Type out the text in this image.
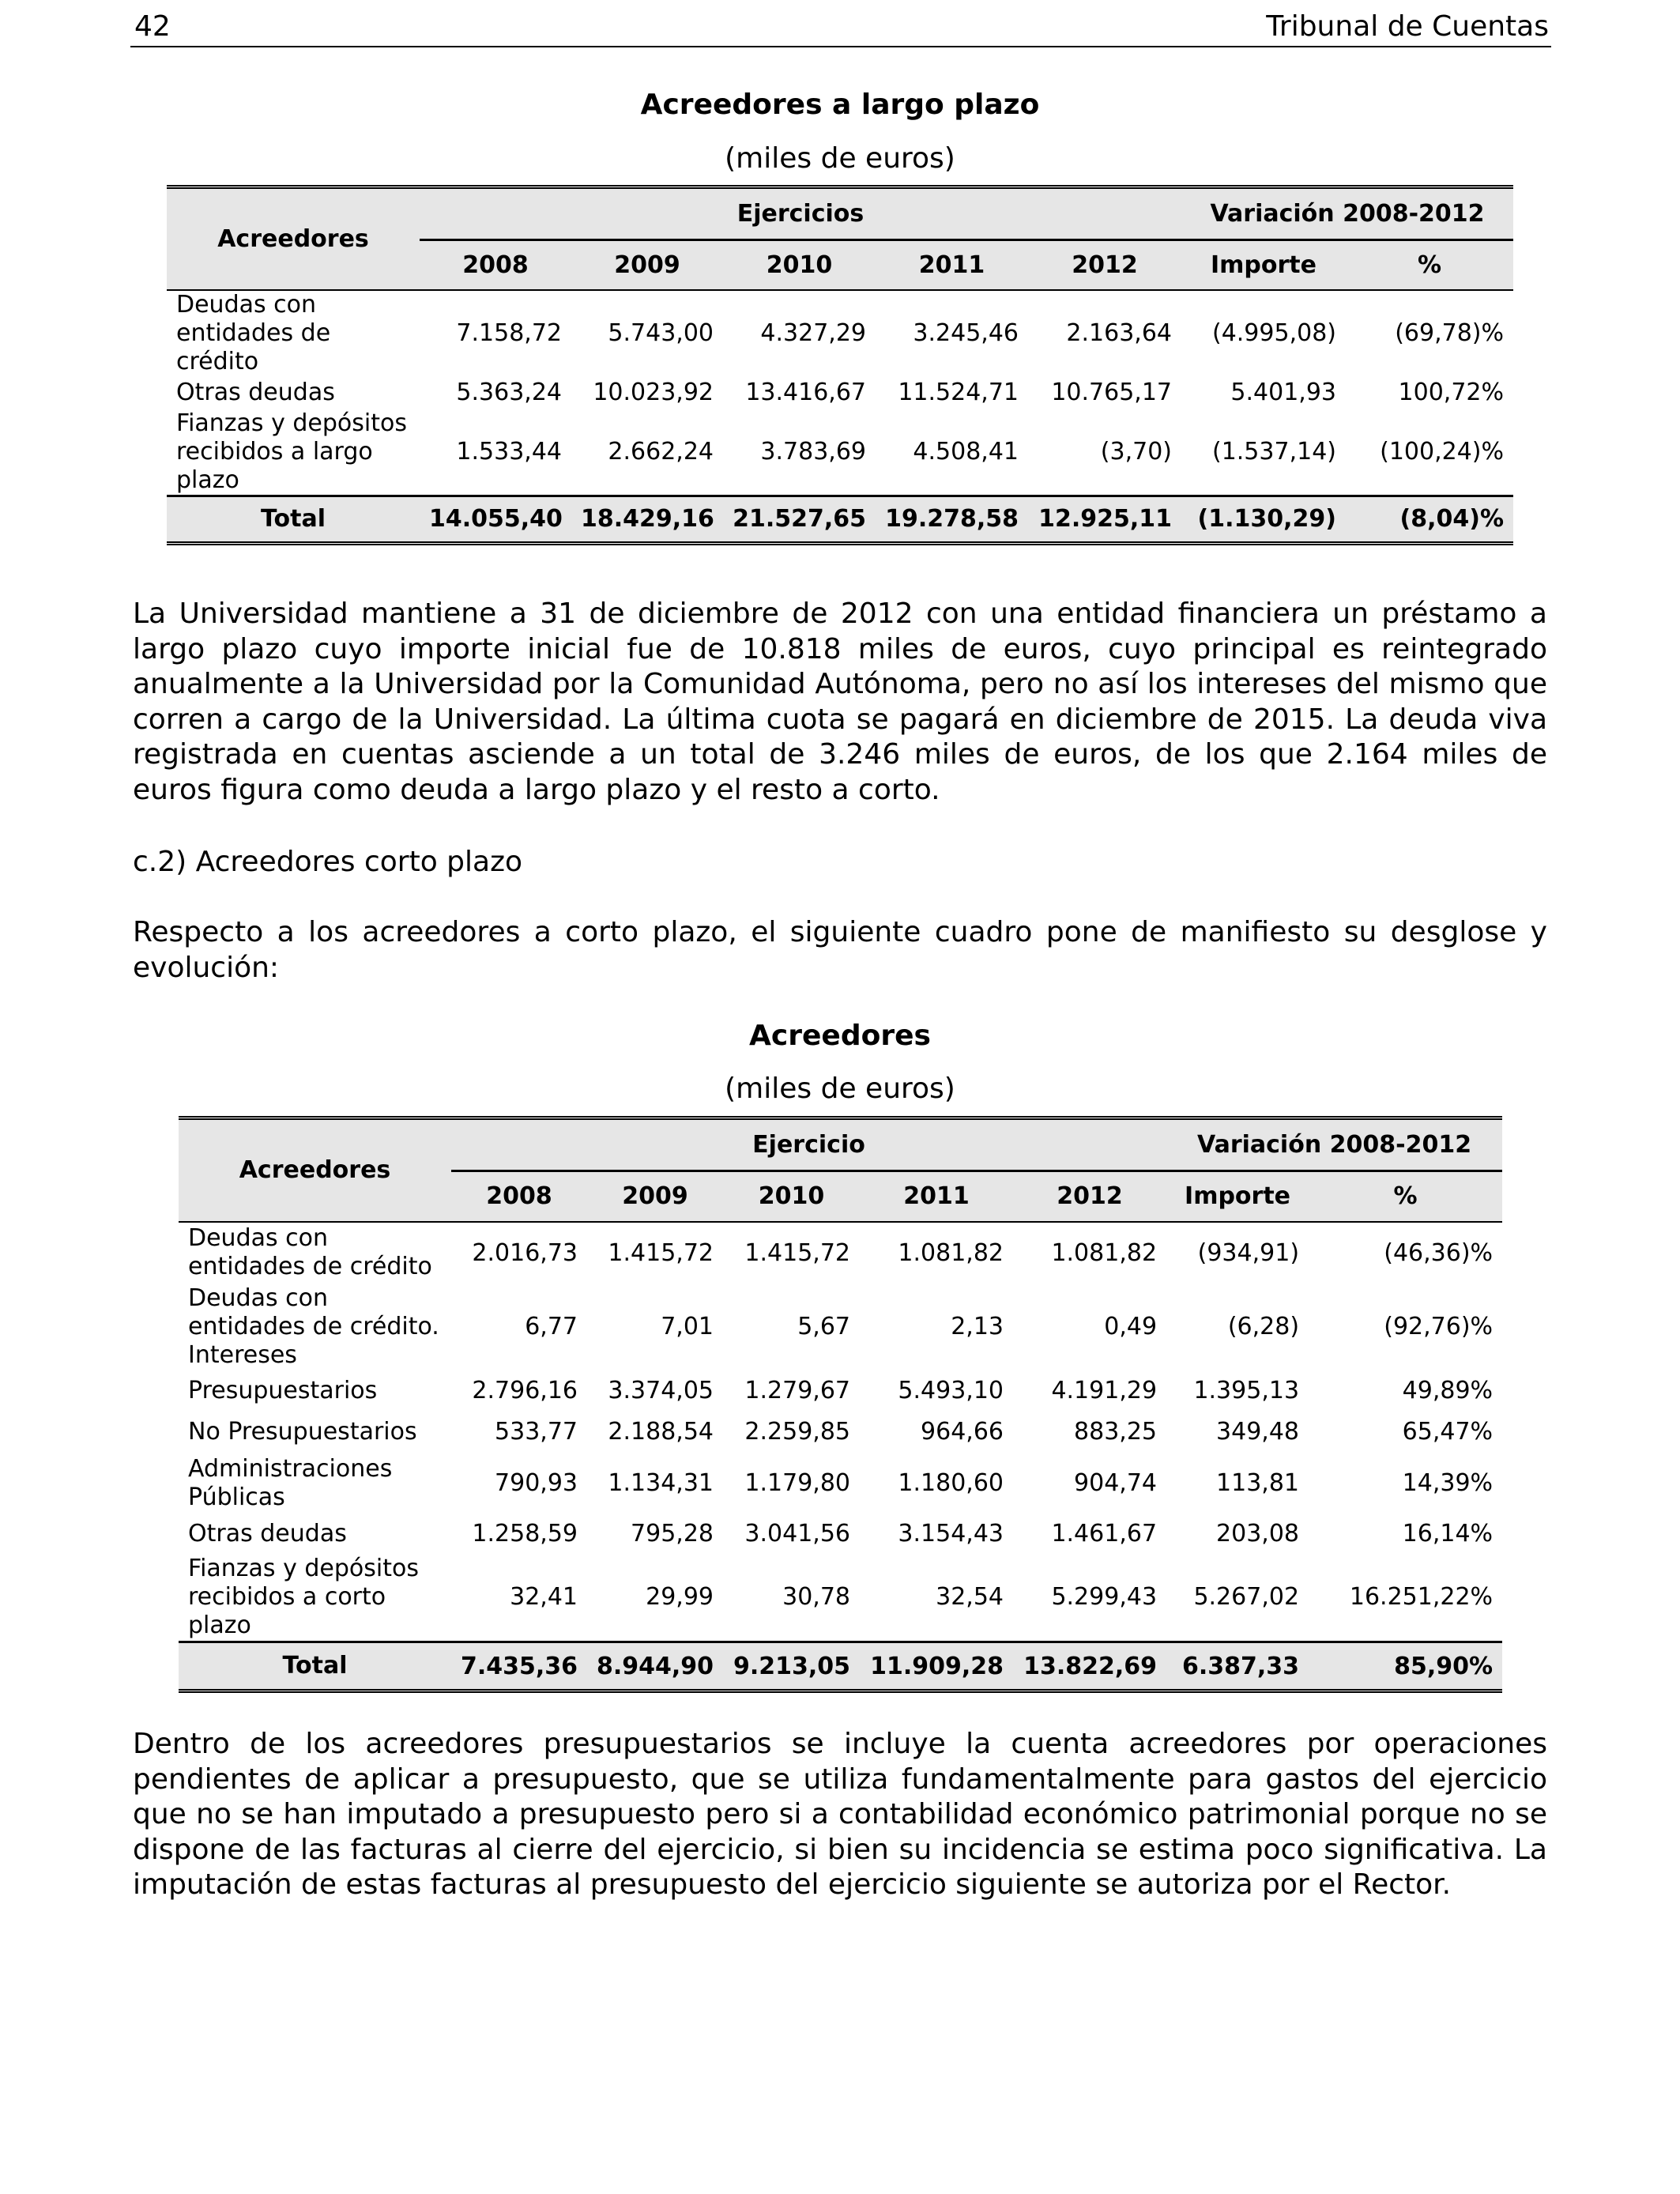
42	Tribunal de Cuentas
Acreedores a largo plazo
(miles de euros)
Acreedores	Ejercicios					Variación 2008-2012	
	2008	2009	2010	2011	2012	Importe	%
Deudas con entidades de crédito	7.158,72	5.743,00	4.327,29	3.245,46	2.163,64	(4.995,08)	(69,78)%
Otras deudas	5.363,24	10.023,92	13.416,67	11.524,71	10.765,17	5.401,93	100,72%
Fianzas y depósitos recibidos a largo plazo	1.533,44	2.662,24	3.783,69	4.508,41	(3,70)	(1.537,14)	(100,24)%
Total	14.055,40	18.429,16	21.527,65	19.278,58	12.925,11	(1.130,29)	(8,04)%
La Universidad mantiene a 31 de diciembre de 2012 con una entidad financiera un préstamo a largo plazo cuyo importe inicial fue de 10.818 miles de euros, cuyo principal es reintegrado anualmente a la Universidad por la Comunidad Autónoma, pero no así los intereses del mismo que corren a cargo de la Universidad. La última cuota se pagará en diciembre de 2015. La deuda viva registrada en cuentas asciende a un total de 3.246 miles de euros, de los que 2.164 miles de euros figura como deuda a largo plazo y el resto a corto.
c.2) Acreedores corto plazo
Respecto a los acreedores a corto plazo, el siguiente cuadro pone de manifiesto su desglose y evolución:
Acreedores
(miles de euros)
Acreedores	Ejercicio					Variación 2008-2012	
	2008	2009	2010	2011	2012	Importe	%
Deudas con entidades de crédito	2.016,73	1.415,72	1.415,72	1.081,82	1.081,82	(934,91)	(46,36)%
Deudas con entidades de crédito. Intereses	6,77	7,01	5,67	2,13	0,49	(6,28)	(92,76)%
Presupuestarios	2.796,16	3.374,05	1.279,67	5.493,10	4.191,29	1.395,13	49,89%
No Presupuestarios	533,77	2.188,54	2.259,85	964,66	883,25	349,48	65,47%
Administraciones Públicas	790,93	1.134,31	1.179,80	1.180,60	904,74	113,81	14,39%
Otras deudas	1.258,59	795,28	3.041,56	3.154,43	1.461,67	203,08	16,14%
Fianzas y depósitos recibidos a corto plazo	32,41	29,99	30,78	32,54	5.299,43	5.267,02	16.251,22%
Total	7.435,36	8.944,90	9.213,05	11.909,28	13.822,69	6.387,33	85,90%
Dentro de los acreedores presupuestarios se incluye la cuenta acreedores por operaciones pendientes de aplicar a presupuesto, que se utiliza fundamentalmente para gastos del ejercicio que no se han imputado a presupuesto pero si a contabilidad económico patrimonial porque no se dispone de las facturas al cierre del ejercicio, si bien su incidencia se estima poco significativa. La imputación de estas facturas al presupuesto del ejercicio siguiente se autoriza por el Rector.
